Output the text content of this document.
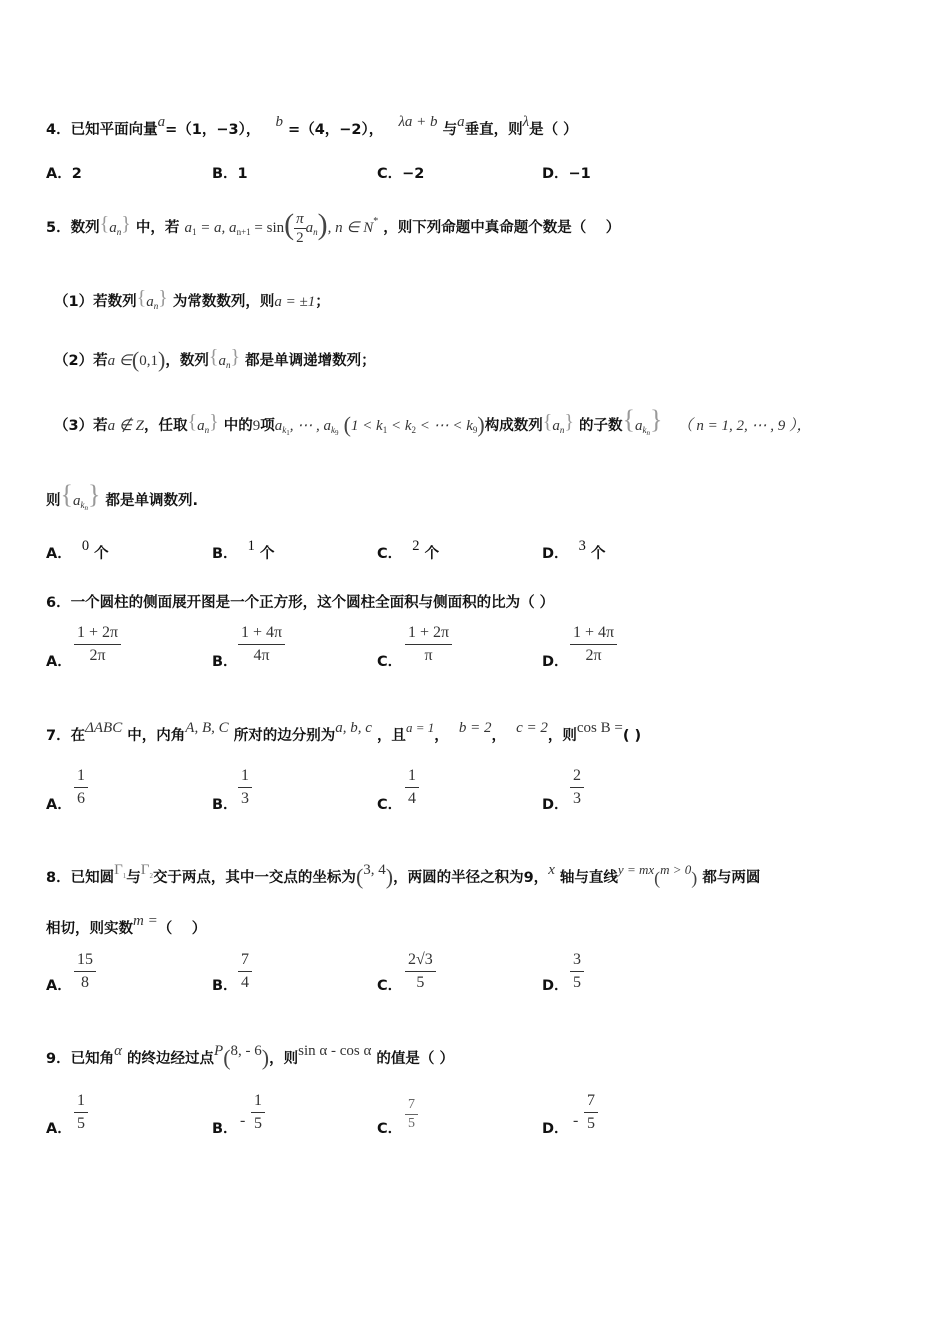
4．已知平面向量a=（1，−3）， b =（4，−2）， λa + b 与a垂直，则λ是（ ）
A．2	B．1	C．−2	D．−1
5．数列$\{a_n\}$ 中，若 $a_1 = a$, $a_{n+1} = \sin( \frac{\pi}{2} a_n)$, n ∈ N* ，则下列命题中真命题个数是（　 ）
（1）若数列$\{a_n\}$ 为常数数列，则a = ±1；
（2）若a ∈(0,1)，数列$\{a_n\}$ 都是单调递增数列；
（3）若a ∉ Z，任取$\{a_n\}$ 中的9项$a_{k1}$, ⋯ , $a_{k9}$ ($1 < k_1 < k_2$ < ⋯ < $k_9$)构成数列$\{a_n\}$ 的子数$\{a_{kn}\}$ （ n = 1, 2, ⋯ , 9 ），
则$\{a_{kn}\}$ 都是单调数列.
A． 0 个	B． 1 个	C． 2 个	D． 3 个
6．一个圆柱的侧面展开图是一个正方形，这个圆柱全面积与侧面积的比为（ ）
A． $\frac{1 + 2\pi}{2\pi}$	B． $\frac{1 + 4\pi}{4\pi}$	C． $\frac{1 + 2\pi}{\pi}$	D． $\frac{1 + 4\pi}{2\pi}$
7．在ΔABC 中，内角A, B, C 所对的边分别为a, b, c ，且a = 1， b = 2， c = 2，则cos B =( )
A． $\frac{1}{6}$	B． $\frac{1}{3}$	C． $\frac{1}{4}$	D． $\frac{2}{3}$
8．已知圆$\Gamma^1$与$\Gamma^2$交于两点，其中一交点的坐标为(3, 4)，两圆的半径之积为9，x 轴与直线y = mx(m > 0) 都与两圆
相切，则实数m =（　 ）
A． $\frac{15}{8}$	B． $\frac{7}{4}$	C． $\frac{2√3}{5}$	D． $\frac{3}{5}$
9．已知角α 的终边经过点P(8, - 6)，则sin α - cos α 的值是（ ）
A． $\frac{1}{5}$	B． - $\frac{1}{5}$	C． $\frac{7}{5}$	D． - $\frac{7}{5}$
